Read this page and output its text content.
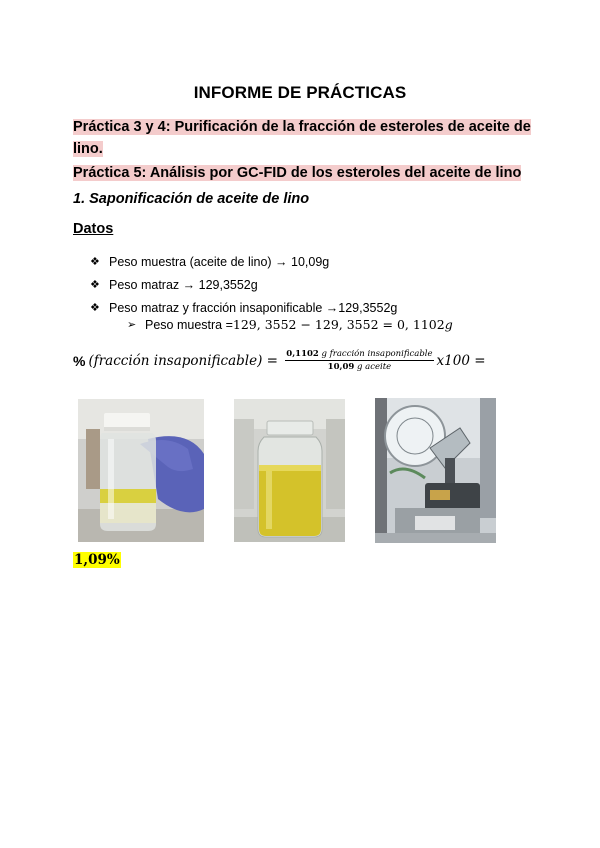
INFORME DE PRÁCTICAS
Práctica 3 y 4: Purificación de la fracción de esteroles de aceite de lino.
Práctica 5: Análisis por GC-FID de los esteroles del aceite de lino
1. Saponificación de aceite de lino
Datos
❖ Peso muestra (aceite de lino) → 10,09g
❖ Peso matraz → 129,3552g
❖ Peso matraz y fracción insaponificable →129,3552g
➢ Peso muestra = 129, 3552 − 129, 3552 = 0, 1102 g
% (fracción insaponificable) = $\frac{\text{0,1102 g fracción insaponificable}}{\text{10,09 g aceite}} x100$ =
1,09%
